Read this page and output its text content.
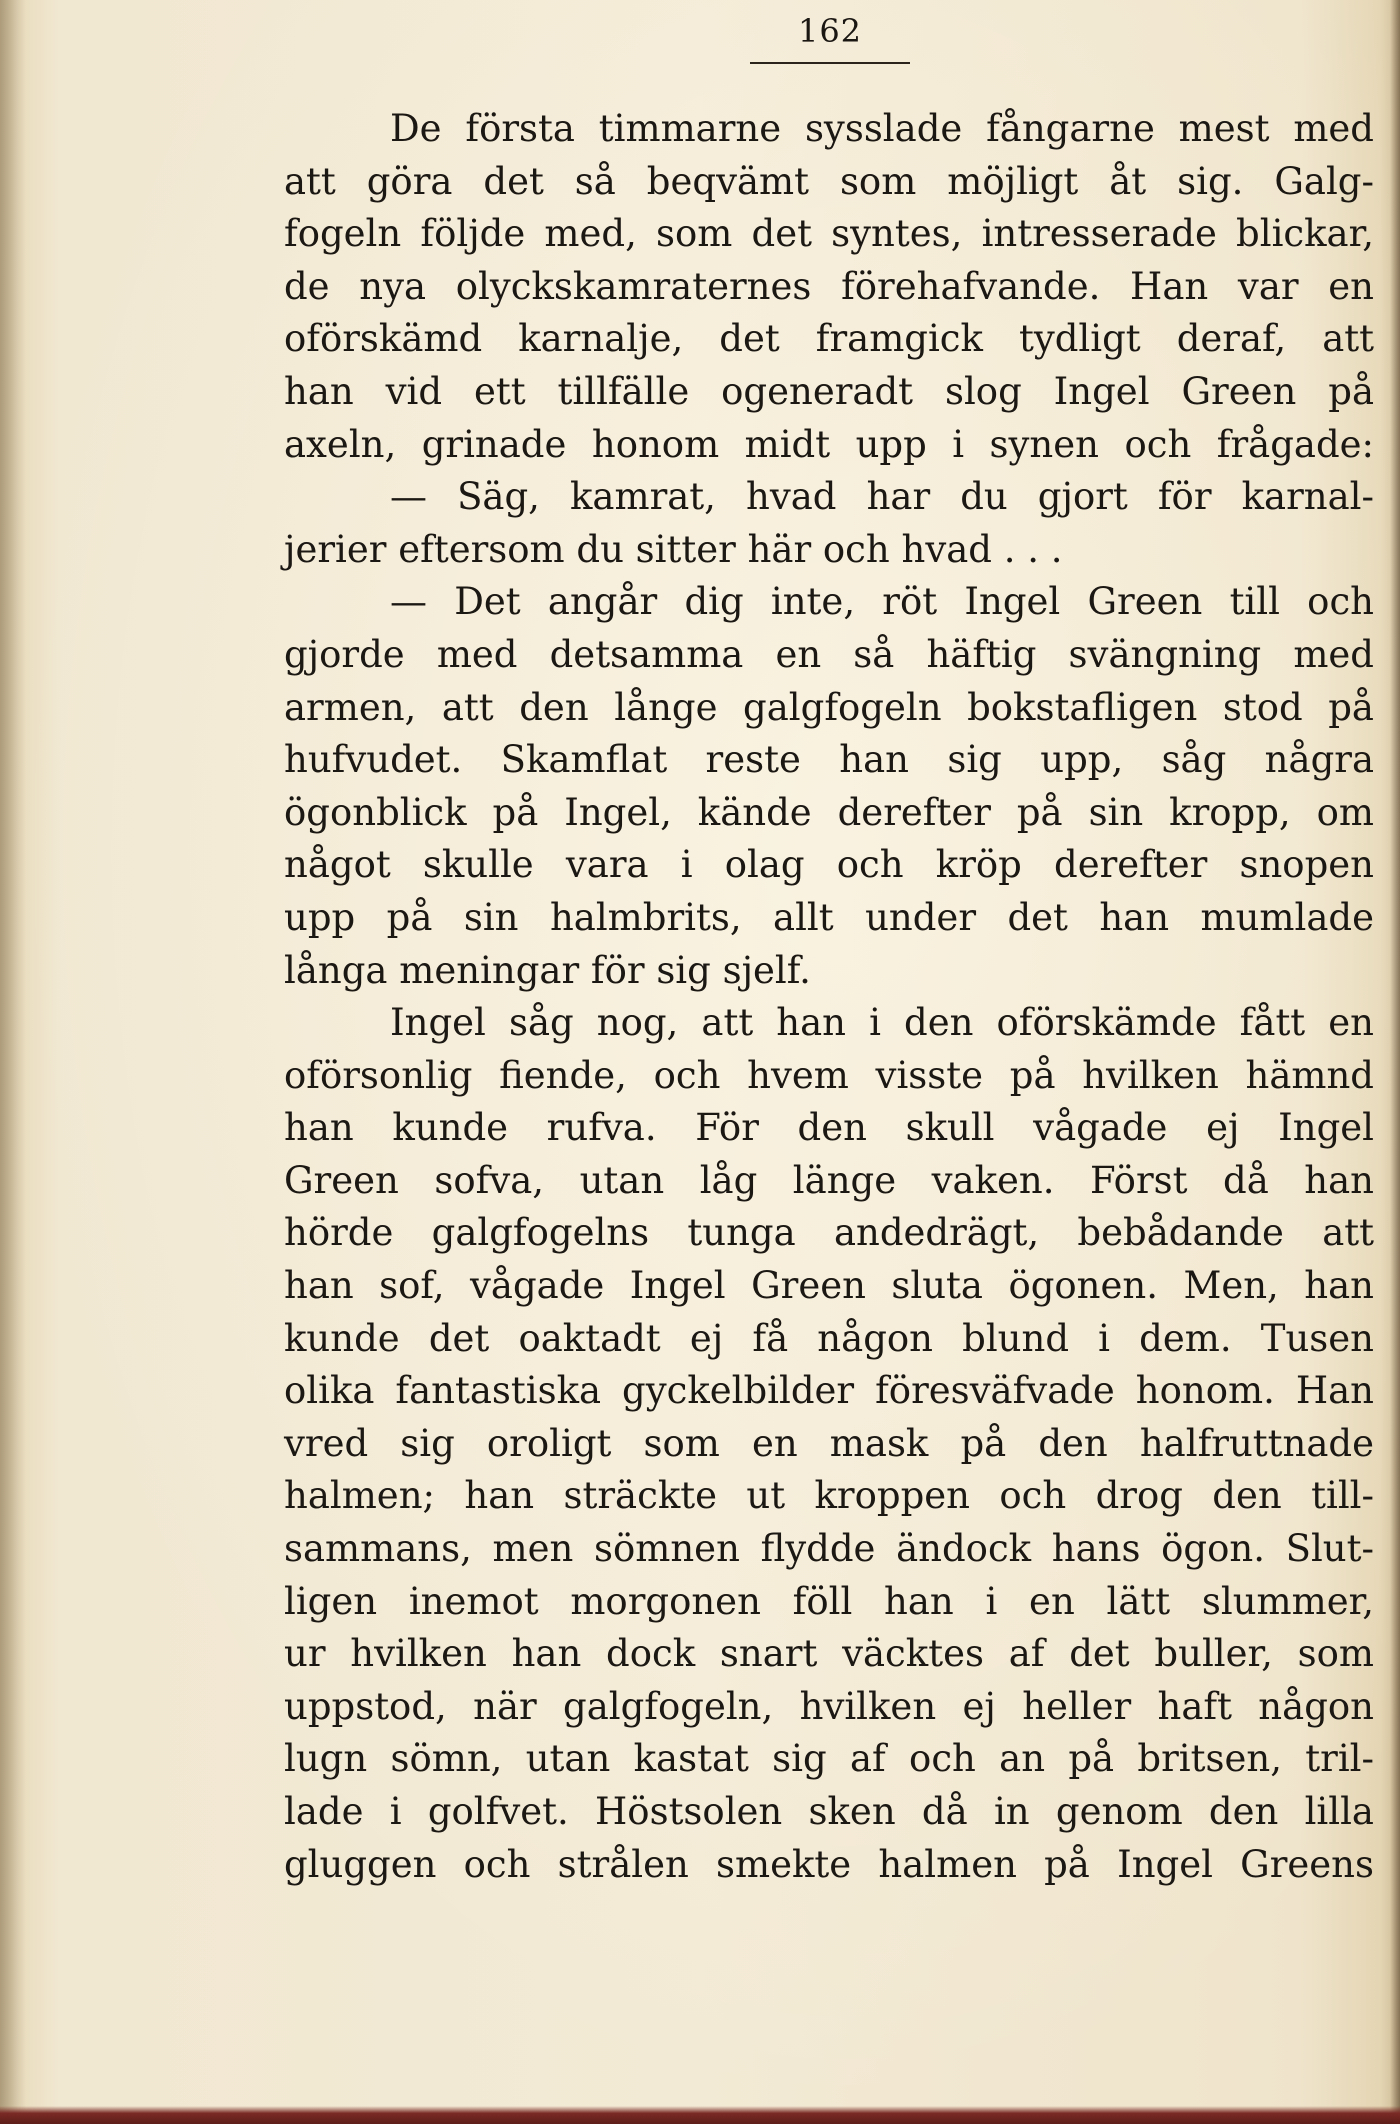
162
De första timmarne sysslade fångarne mest med
att göra det så beqvämt som möjligt åt sig. Galg-
fogeln följde med, som det syntes, intresserade blickar,
de nya olyckskamraternes förehafvande. Han var en
oförskämd karnalje, det framgick tydligt deraf, att
han vid ett tillfälle ogeneradt slog Ingel Green på
axeln, grinade honom midt upp i synen och frågade:
— Säg, kamrat, hvad har du gjort för karnal-
jerier eftersom du sitter här och hvad . . .
— Det angår dig inte, röt Ingel Green till och
gjorde med detsamma en så häftig svängning med
armen, att den långe galgfogeln bokstafligen stod på
hufvudet. Skamflat reste han sig upp, såg några
ögonblick på Ingel, kände derefter på sin kropp, om
något skulle vara i olag och kröp derefter snopen
upp på sin halmbrits, allt under det han mumlade
långa meningar för sig sjelf.
Ingel såg nog, att han i den oförskämde fått en
oförsonlig fiende, och hvem visste på hvilken hämnd
han kunde rufva. För den skull vågade ej Ingel
Green sofva, utan låg länge vaken. Först då han
hörde galgfogelns tunga andedrägt, bebådande att
han sof, vågade Ingel Green sluta ögonen. Men, han
kunde det oaktadt ej få någon blund i dem. Tusen
olika fantastiska gyckelbilder föresväfvade honom. Han
vred sig oroligt som en mask på den halfruttnade
halmen; han sträckte ut kroppen och drog den till-
sammans, men sömnen flydde ändock hans ögon. Slut-
ligen inemot morgonen föll han i en lätt slummer,
ur hvilken han dock snart väcktes af det buller, som
uppstod, när galgfogeln, hvilken ej heller haft någon
lugn sömn, utan kastat sig af och an på britsen, tril-
lade i golfvet. Höstsolen sken då in genom den lilla
gluggen och strålen smekte halmen på Ingel Greens
